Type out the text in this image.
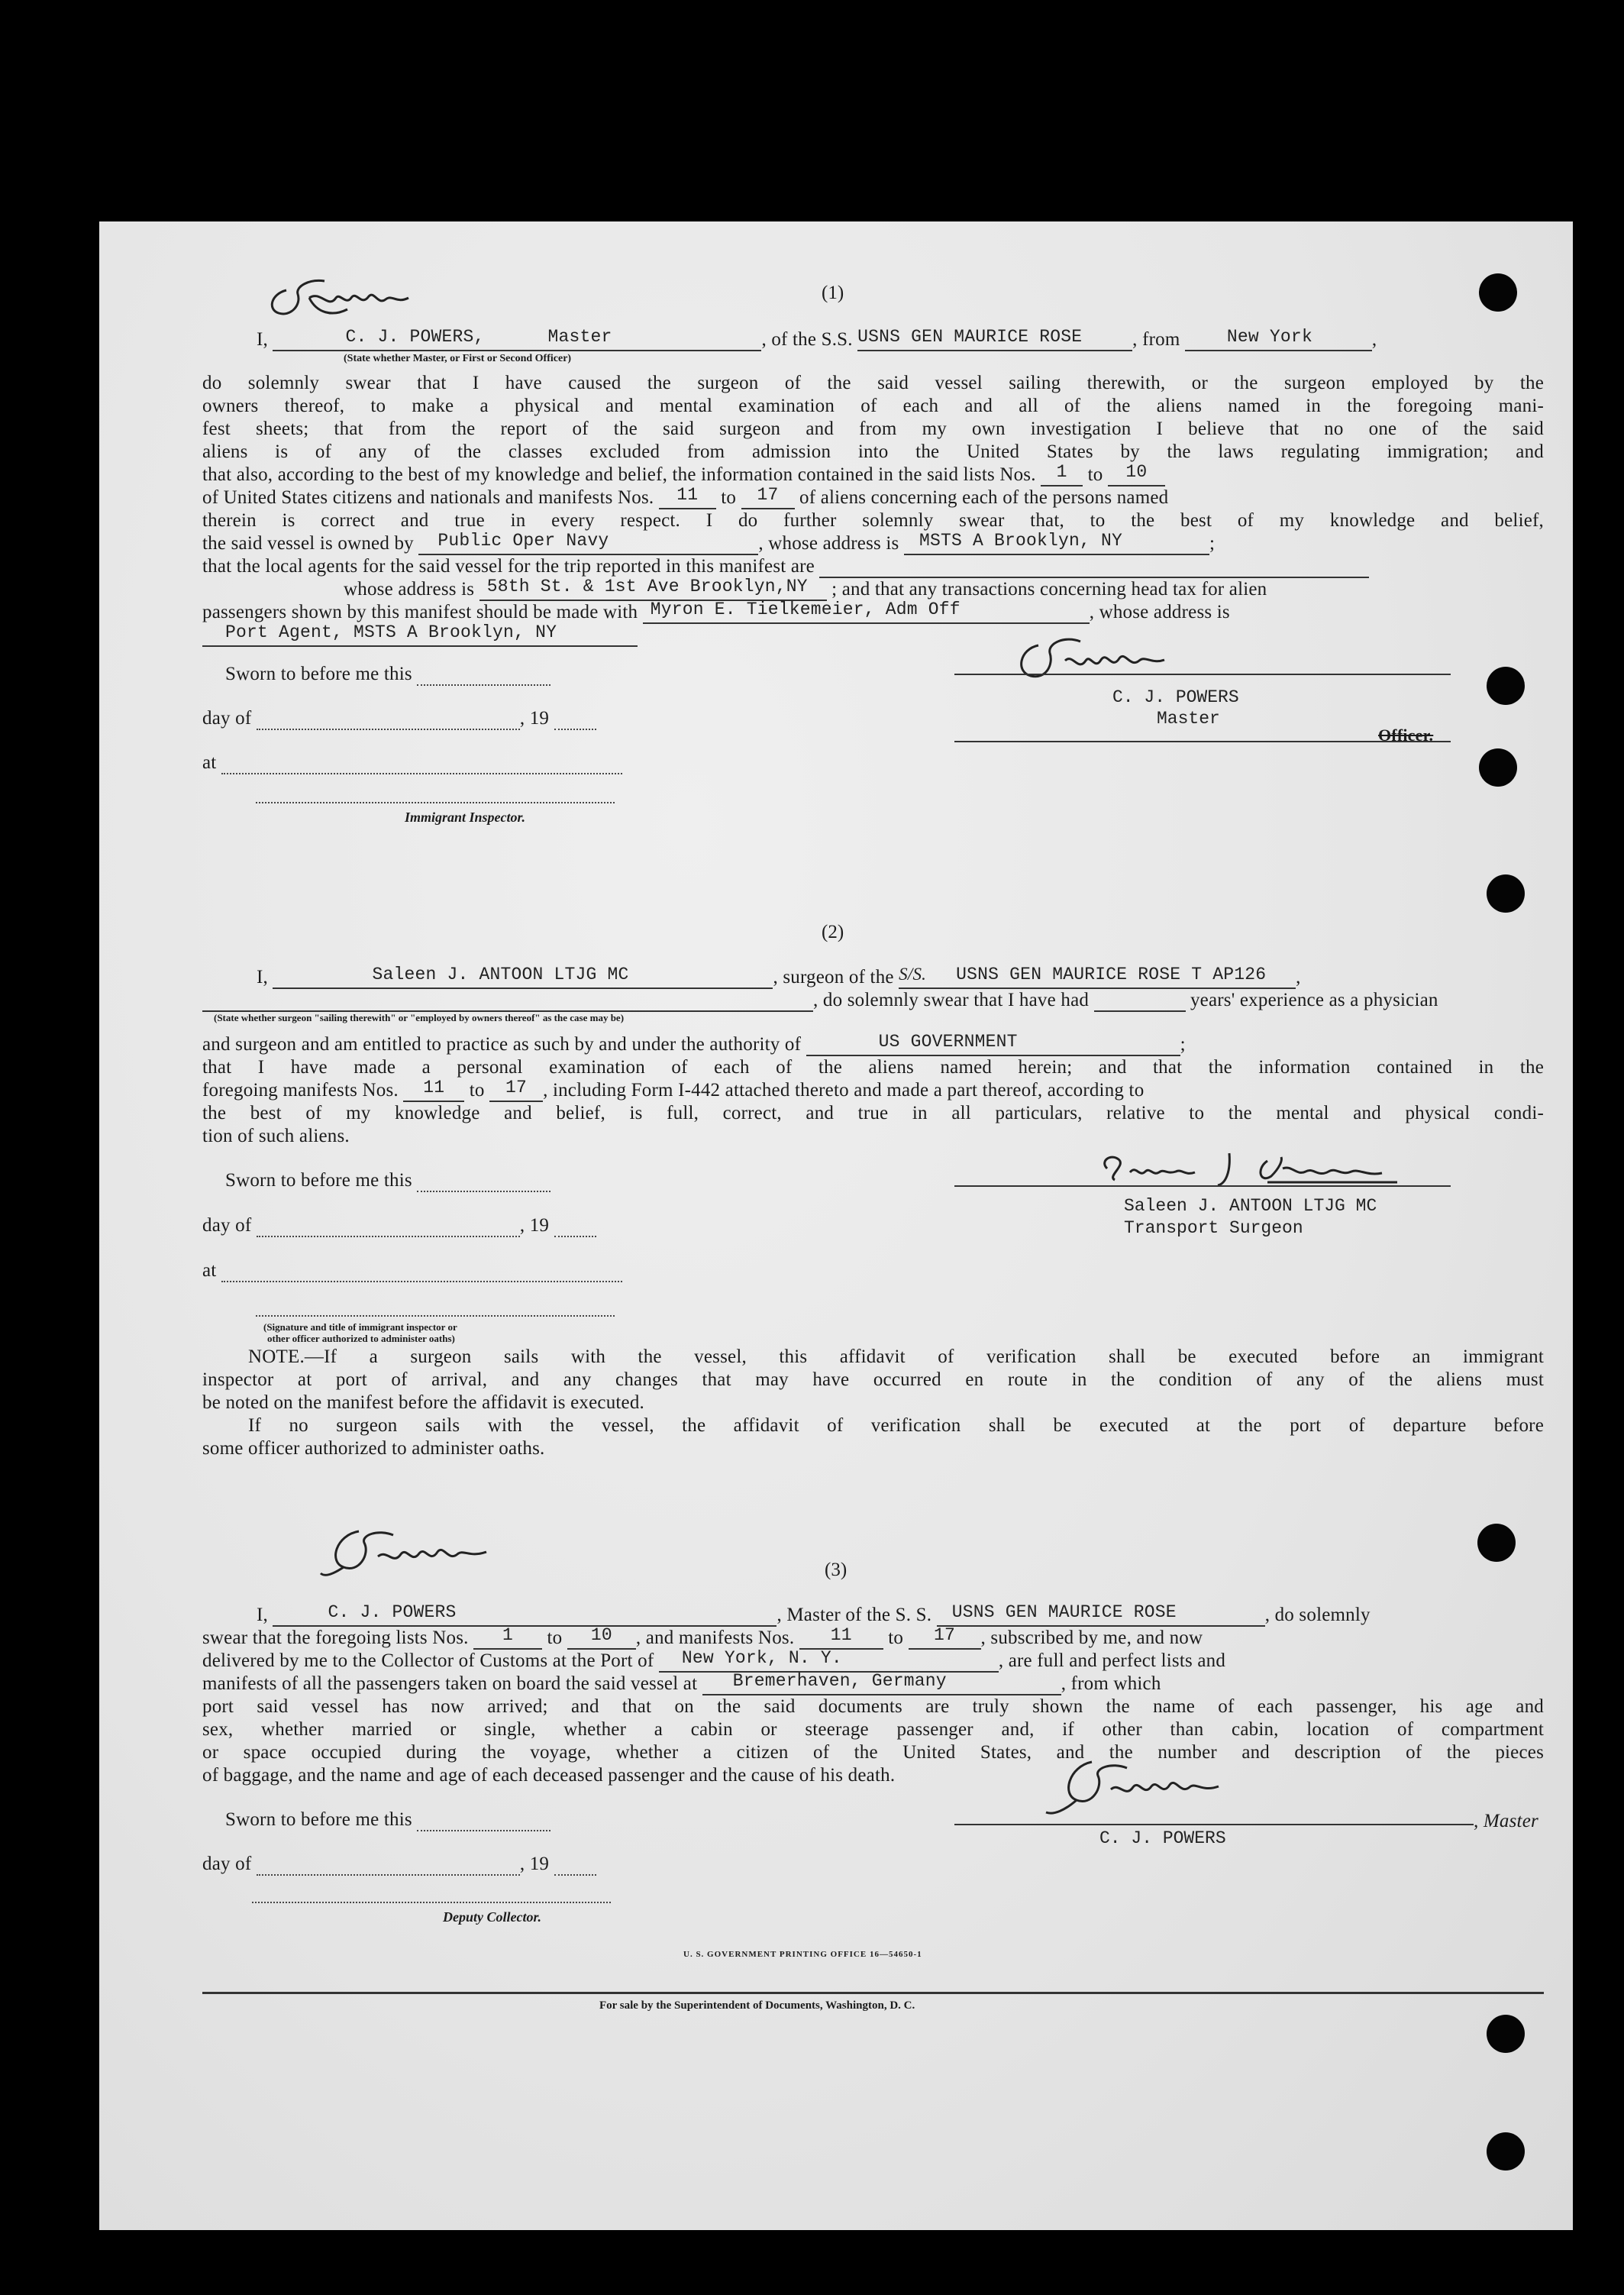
(1)
I,	C. J. POWERS,	Master	, of the S.S. USNS GEN MAURICE ROSE	, from	New York	,
(State whether Master, or First or Second Officer)
do solemnly swear that I have caused the surgeon of the said vessel sailing therewith, or the surgeon employed by the
owners thereof, to make a physical and mental examination of each and all of the aliens named in the foregoing mani-
fest sheets; that from the report of the said surgeon and from my own investigation I believe that no one of the said
aliens is of any of the classes excluded from admission into the United States by the laws regulating immigration; and
that also, according to the best of my knowledge and belief, the information contained in the said lists Nos.	1	to	10
of United States citizens and nationals and manifests Nos.	11	to	17	of aliens concerning each of the persons named
therein is correct and true in every respect. I do further solemnly swear that, to the best of my knowledge and belief,
the said vessel is owned by Public Oper Navy	, whose address is MSTS A Brooklyn, NY	;
that the local agents for the said vessel for the trip reported in this manifest are
whose address is 58th St. & 1st Ave Brooklyn,NY ; and that any transactions concerning head tax for alien
passengers shown by this manifest should be made with Myron E. Tielkemeier, Adm Off	, whose address is
Port Agent, MSTS A Brooklyn, NY
Sworn to before me this
day of	, 19
at
Immigrant Inspector.
C. J. POWERS
Master
Officer.
(2)
I,	Saleen J. ANTOON LTJG MC	, surgeon of the S/S. USNS GEN MAURICE ROSE T AP126 ,
, do solemnly swear that I have had	years' experience as a physician
(State whether surgeon "sailing therewith" or "employed by owners thereof" as the case may be)
and surgeon and am entitled to practice as such by and under the authority of	US GOVERNMENT	;
that I have made a personal examination of each of the aliens named herein; and that the information contained in the
foregoing manifests Nos.	11	to	17 , including Form I-442 attached thereto and made a part thereof, according to
the best of my knowledge and belief, is full, correct, and true in all particulars, relative to the mental and physical condi-
tion of such aliens.
Sworn to before me this
day of	, 19
at
(Signature and title of immigrant inspector or
other officer authorized to administer oaths)
Saleen J. ANTOON LTJG MC
Transport Surgeon
NOTE.—If a surgeon sails with the vessel, this affidavit of verification shall be executed before an immigrant
inspector at port of arrival, and any changes that may have occurred en route in the condition of any of the aliens must
be noted on the manifest before the affidavit is executed.
If no surgeon sails with the vessel, the affidavit of verification shall be executed at the port of departure before
some officer authorized to administer oaths.
(3)
I,	C. J. POWERS	, Master of the S. S. USNS GEN MAURICE ROSE	, do solemnly
swear that the foregoing lists Nos.	1	to	10	, and manifests Nos.	11	to	17	, subscribed by me, and now
delivered by me to the Collector of Customs at the Port of New York, N. Y.	, are full and perfect lists and
manifests of all the passengers taken on board the said vessel at Bremerhaven, Germany	, from which
port said vessel has now arrived; and that on the said documents are truly shown the name of each passenger, his age and
sex, whether married or single, whether a cabin or steerage passenger and, if other than cabin, location of compartment
or space occupied during the voyage, whether a citizen of the United States, and the number and description of the pieces
of baggage, and the name and age of each deceased passenger and the cause of his death.
, Master
C. J. POWERS
Sworn to before me this
day of	, 19
Deputy Collector.
U. S. GOVERNMENT PRINTING OFFICE 16—54650-1
For sale by the Superintendent of Documents, Washington, D. C.
